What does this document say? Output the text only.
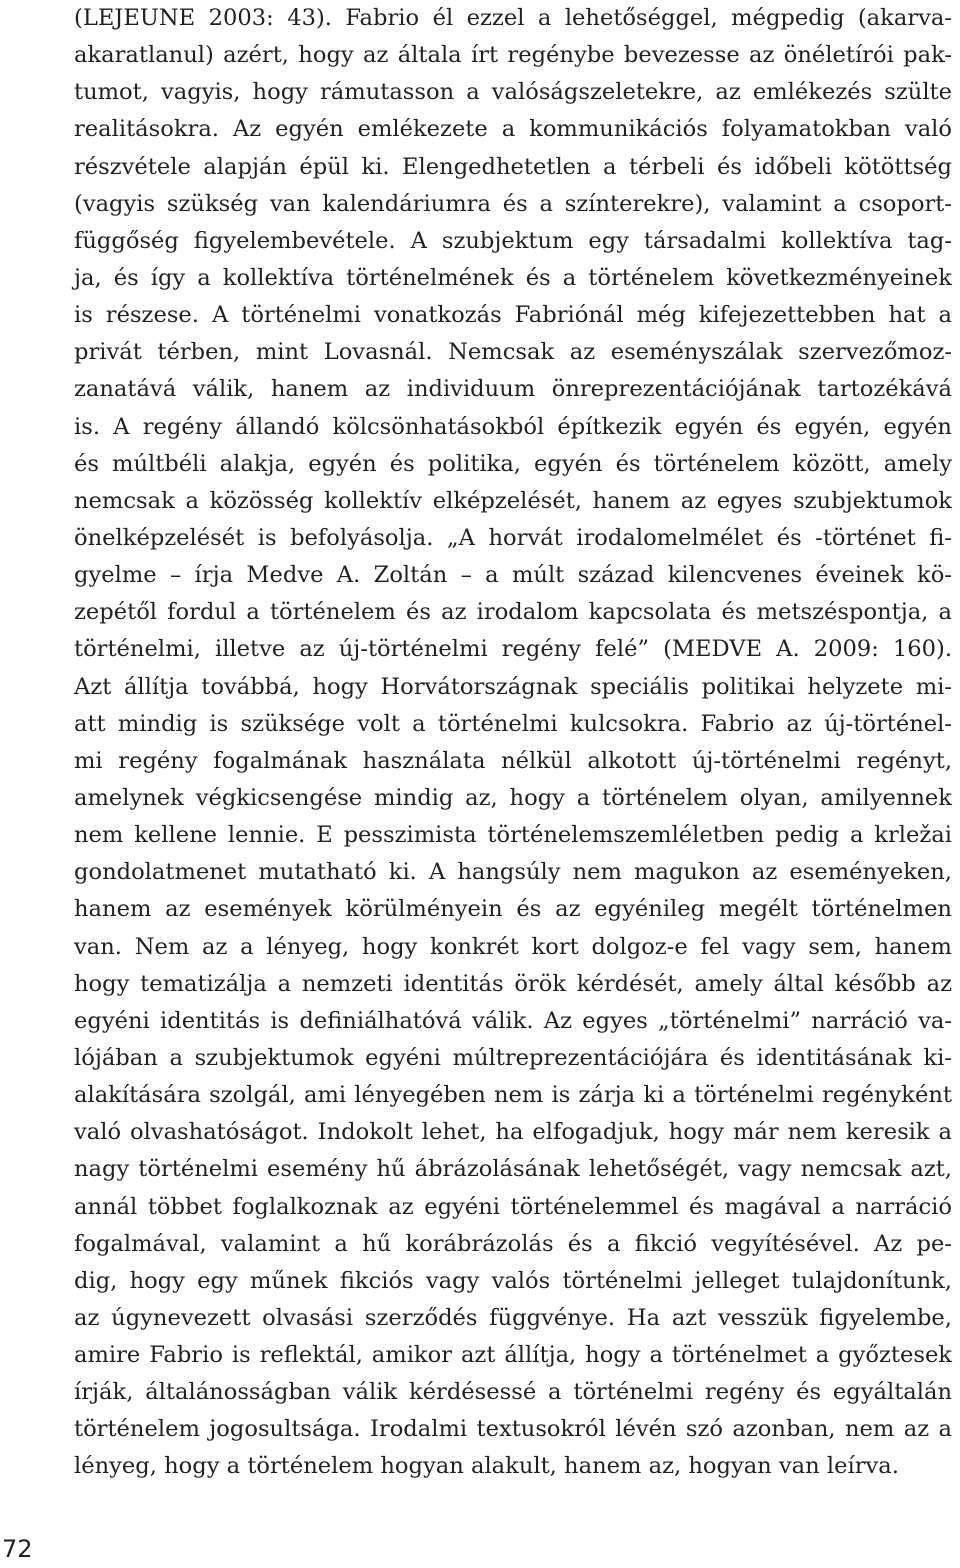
(LEJEUNE 2003: 43). Fabrio él ezzel a lehetőséggel, mégpedig (akarva-
akaratlanul) azért, hogy az általa írt regénybe bevezesse az önéletírói pak-
tumot, vagyis, hogy rámutasson a valóságszeletekre, az emlékezés szülte
realitásokra. Az egyén emlékezete a kommunikációs folyamatokban való
részvétele alapján épül ki. Elengedhetetlen a térbeli és időbeli kötöttség
(vagyis szükség van kalendáriumra és a színterekre), valamint a csoport-
függőség figyelembevétele. A szubjektum egy társadalmi kollektíva tag-
ja, és így a kollektíva történelmének és a történelem következményeinek
is részese. A történelmi vonatkozás Fabriónál még kifejezettebben hat a
privát térben, mint Lovasnál. Nemcsak az eseményszálak szervezőmoz-
zanatává válik, hanem az individuum önreprezentációjának tartozékává
is. A regény állandó kölcsönhatásokból építkezik egyén és egyén, egyén
és múltbéli alakja, egyén és politika, egyén és történelem között, amely
nemcsak a közösség kollektív elképzelését, hanem az egyes szubjektumok
önelképzelését is befolyásolja. „A horvát irodalomelmélet és -történet fi-
gyelme – írja Medve A. Zoltán – a múlt század kilencvenes éveinek kö-
zepétől fordul a történelem és az irodalom kapcsolata és metszéspontja, a
történelmi, illetve az új-történelmi regény felé” (MEDVE A. 2009: 160).
Azt állítja továbbá, hogy Horvátországnak speciális politikai helyzete mi-
att mindig is szüksége volt a történelmi kulcsokra. Fabrio az új-történel-
mi regény fogalmának használata nélkül alkotott új-történelmi regényt,
amelynek végkicsengése mindig az, hogy a történelem olyan, amilyennek
nem kellene lennie. E pesszimista történelemszemléletben pedig a krležai
gondolatmenet mutatható ki. A hangsúly nem magukon az eseményeken,
hanem az események körülményein és az egyénileg megélt történelmen
van. Nem az a lényeg, hogy konkrét kort dolgoz-e fel vagy sem, hanem
hogy tematizálja a nemzeti identitás örök kérdését, amely által később az
egyéni identitás is definiálhatóvá válik. Az egyes „történelmi” narráció va-
lójában a szubjektumok egyéni múltreprezentációjára és identitásának ki-
alakítására szolgál, ami lényegében nem is zárja ki a történelmi regényként
való olvashatóságot. Indokolt lehet, ha elfogadjuk, hogy már nem keresik a
nagy történelmi esemény hű ábrázolásának lehetőségét, vagy nemcsak azt,
annál többet foglalkoznak az egyéni történelemmel és magával a narráció
fogalmával, valamint a hű korábrázolás és a fikció vegyítésével. Az pe-
dig, hogy egy műnek fikciós vagy valós történelmi jelleget tulajdonítunk,
az úgynevezett olvasási szerződés függvénye. Ha azt vesszük figyelembe,
amire Fabrio is reflektál, amikor azt állítja, hogy a történelmet a győztesek
írják, általánosságban válik kérdésessé a történelmi regény és egyáltalán
történelem jogosultsága. Irodalmi textusokról lévén szó azonban, nem az a
lényeg, hogy a történelem hogyan alakult, hanem az, hogyan van leírva.
72
